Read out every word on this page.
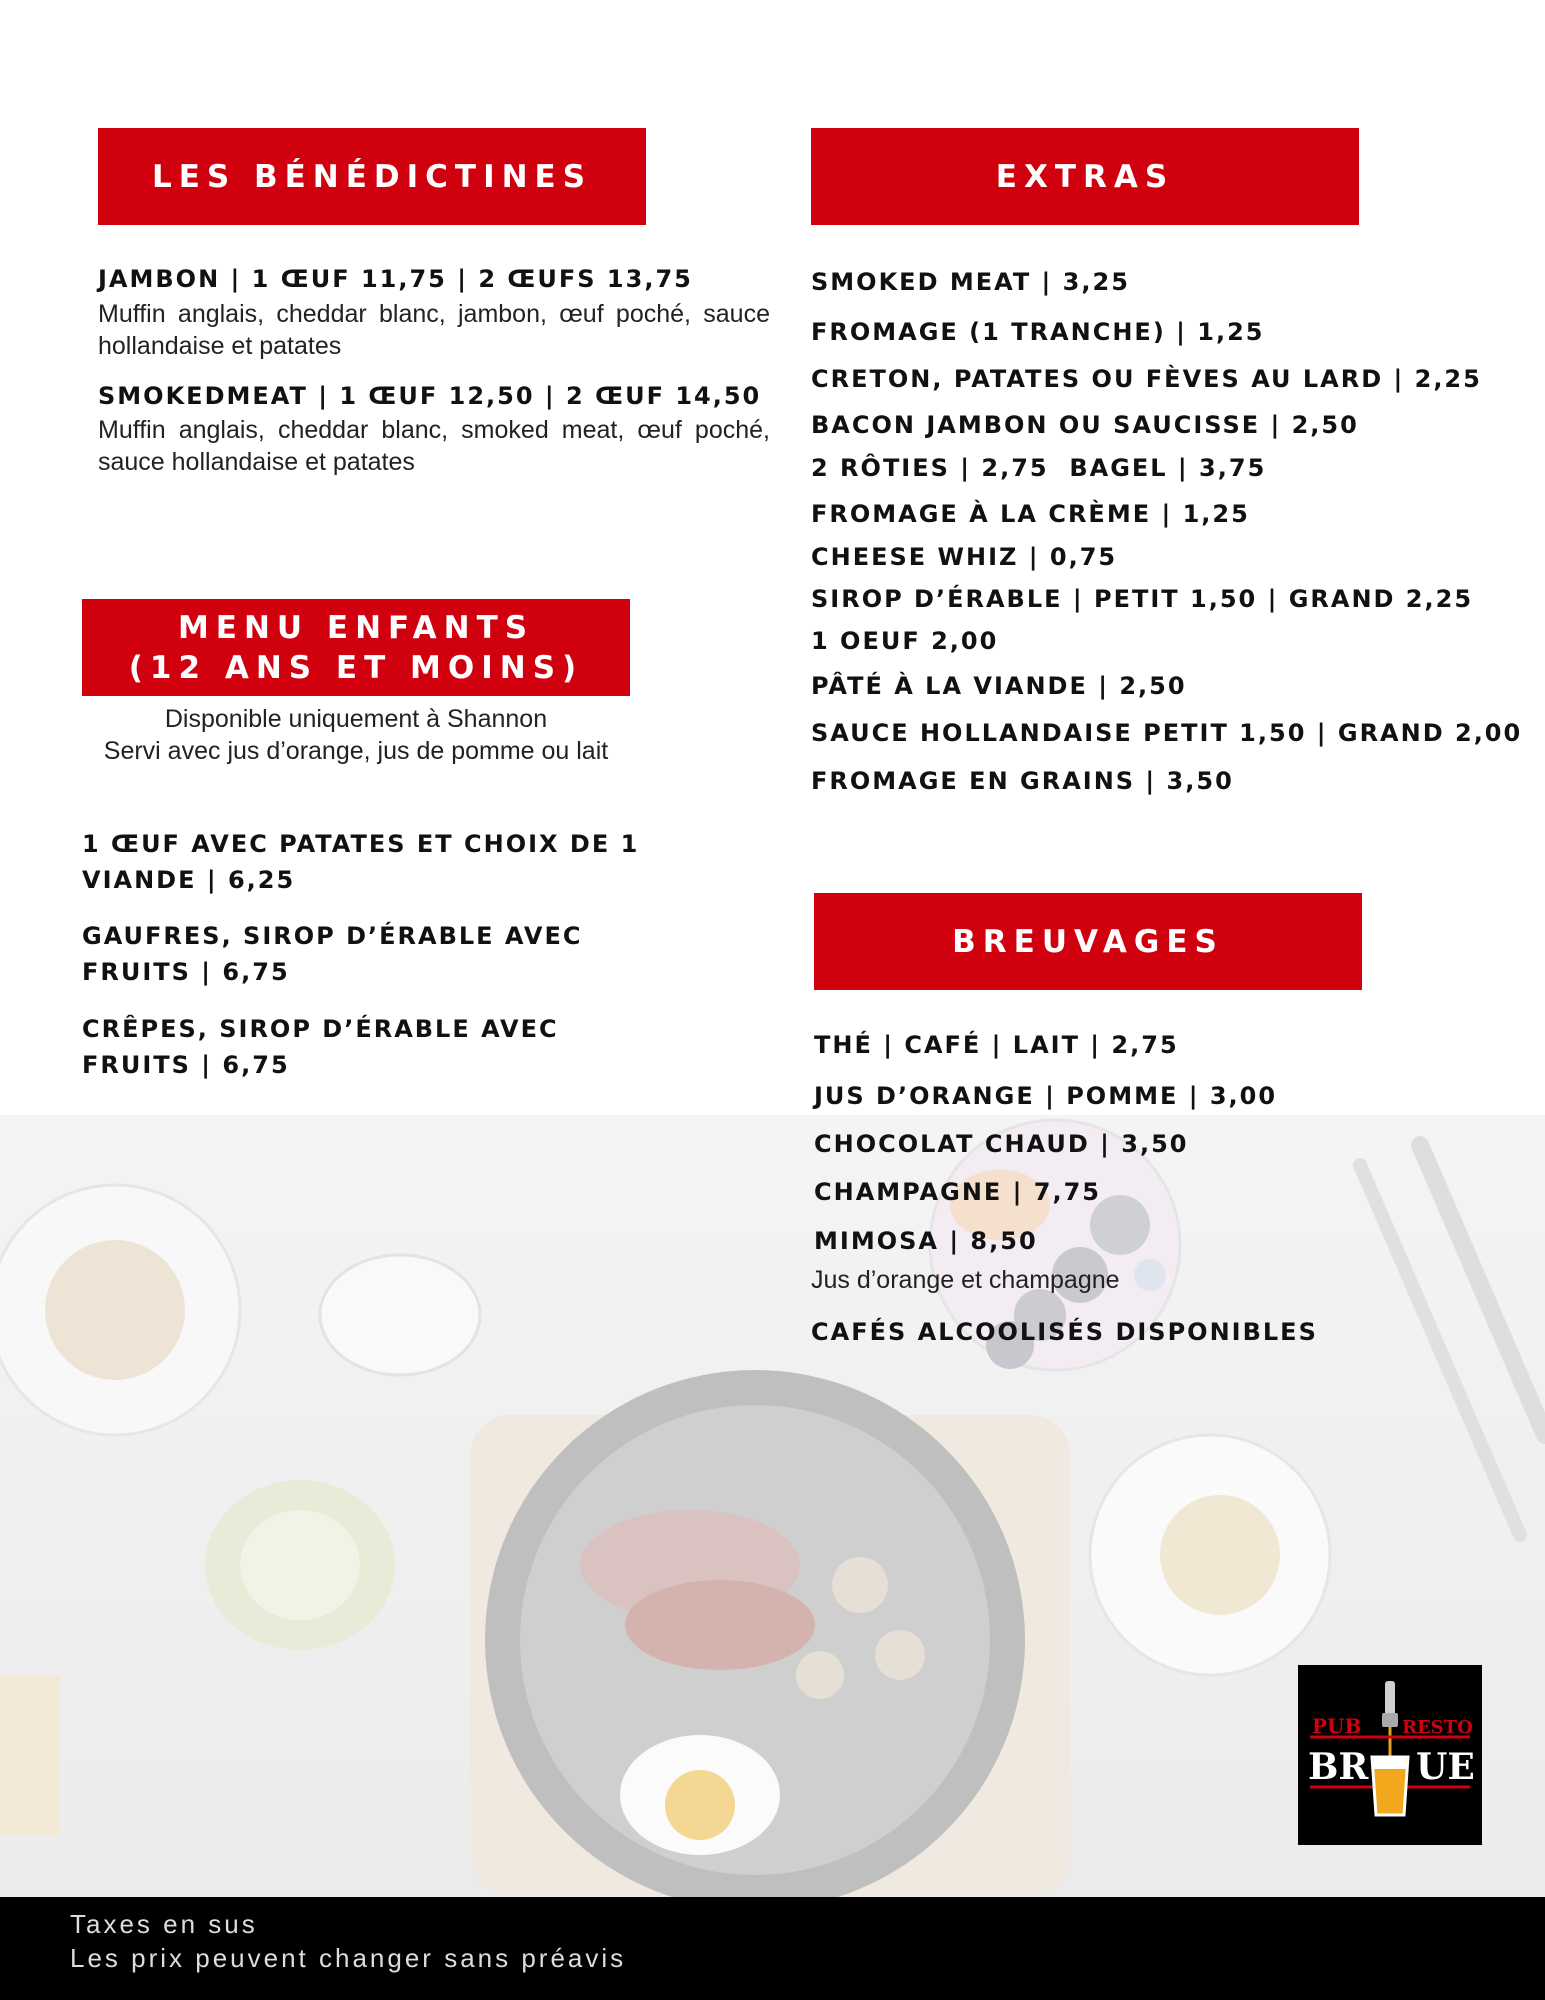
LES BÉNÉDICTINES
JAMBON | 1 ŒUF 11,75 | 2 ŒUFS 13,75
Muffin anglais, cheddar blanc, jambon, œuf poché, sauce hollandaise et patates
SMOKEDMEAT | 1 ŒUF 12,50 | 2 ŒUF 14,50
Muffin anglais, cheddar blanc, smoked meat, œuf poché, sauce hollandaise et patates
MENU ENFANTS
(12 ANS ET MOINS)
Disponible uniquement à Shannon
Servi avec jus d’orange, jus de pomme ou lait
1 ŒUF AVEC PATATES ET CHOIX DE 1
VIANDE | 6,25
GAUFRES, SIROP D’ÉRABLE AVEC
FRUITS | 6,75
CRÊPES, SIROP D’ÉRABLE AVEC
FRUITS | 6,75
EXTRAS
SMOKED MEAT | 3,25
FROMAGE (1 TRANCHE) | 1,25
CRETON, PATATES OU FÈVES AU LARD | 2,25
BACON JAMBON OU SAUCISSE | 2,50
2 RÔTIES | 2,75  BAGEL | 3,75
FROMAGE À LA CRÈME | 1,25
CHEESE WHIZ | 0,75
SIROP D’ÉRABLE | PETIT 1,50 | GRAND 2,25
1 OEUF 2,00
PÂTÉ À LA VIANDE | 2,50
SAUCE HOLLANDAISE PETIT 1,50 | GRAND 2,00
FROMAGE EN GRAINS | 3,50
BREUVAGES
THÉ | CAFÉ | LAIT | 2,75
JUS D’ORANGE | POMME | 3,00
CHOCOLAT CHAUD | 3,50
CHAMPAGNE | 7,75
MIMOSA | 8,50
Jus d’orange et champagne
CAFÉS ALCOOLISÉS DISPONIBLES
PUB RESTO
BR UE
Taxes en sus
Les prix peuvent changer sans préavis
